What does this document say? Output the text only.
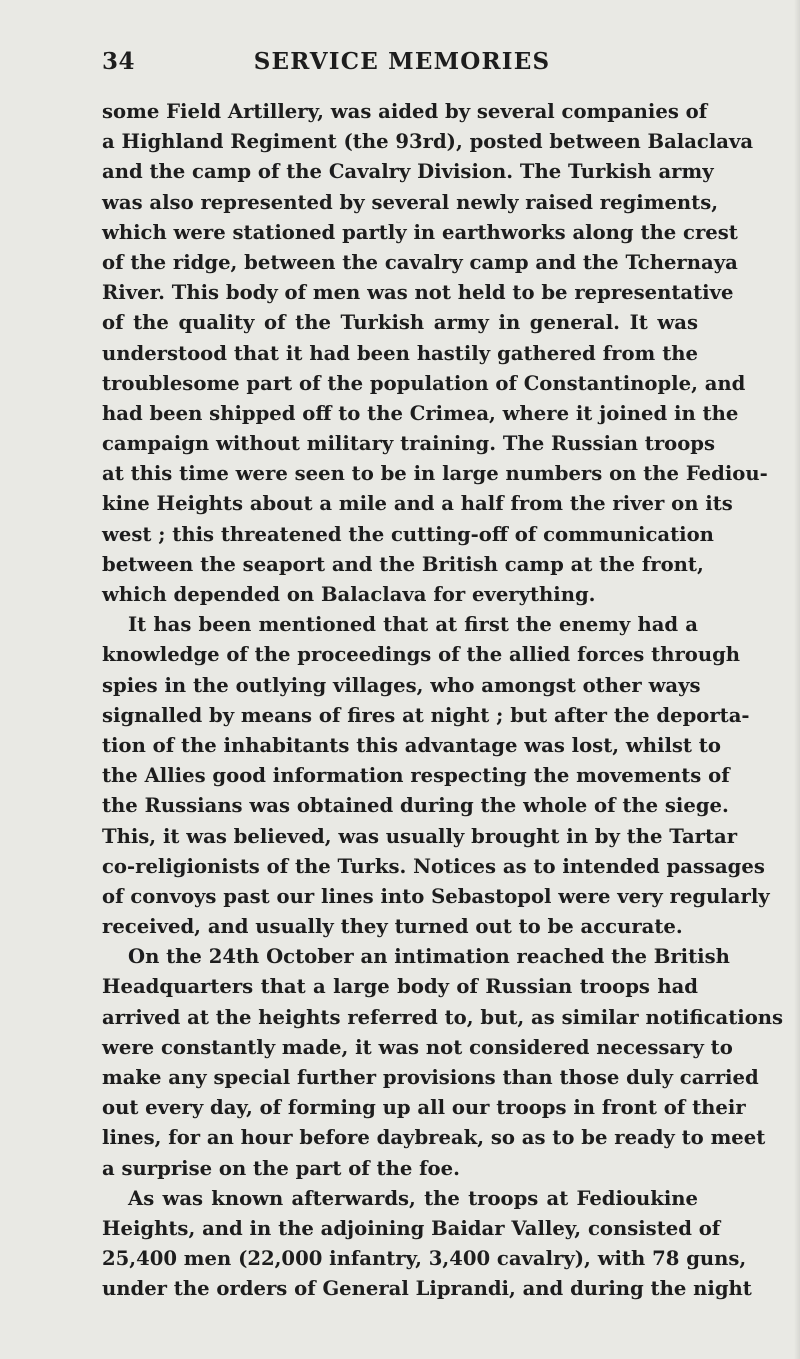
34	SERVICE MEMORIES
some Field Artillery, was aided by several companies of
a Highland Regiment (the 93rd), posted between Balaclava
and the camp of the Cavalry Division. The Turkish army
was also represented by several newly raised regiments,
which were stationed partly in earthworks along the crest
of the ridge, between the cavalry camp and the Tchernaya
River. This body of men was not held to be representative
of the quality of the Turkish army in general. It was
understood that it had been hastily gathered from the
troublesome part of the population of Constantinople, and
had been shipped off to the Crimea, where it joined in the
campaign without military training. The Russian troops
at this time were seen to be in large numbers on the Fediou-
kine Heights about a mile and a half from the river on its
west ; this threatened the cutting-off of communication
between the seaport and the British camp at the front,
which depended on Balaclava for everything.
It has been mentioned that at first the enemy had a
knowledge of the proceedings of the allied forces through
spies in the outlying villages, who amongst other ways
signalled by means of fires at night ; but after the deporta-
tion of the inhabitants this advantage was lost, whilst to
the Allies good information respecting the movements of
the Russians was obtained during the whole of the siege.
This, it was believed, was usually brought in by the Tartar
co-religionists of the Turks. Notices as to intended passages
of convoys past our lines into Sebastopol were very regularly
received, and usually they turned out to be accurate.
On the 24th October an intimation reached the British
Headquarters that a large body of Russian troops had
arrived at the heights referred to, but, as similar notifications
were constantly made, it was not considered necessary to
make any special further provisions than those duly carried
out every day, of forming up all our troops in front of their
lines, for an hour before daybreak, so as to be ready to meet
a surprise on the part of the foe.
As was known afterwards, the troops at Fedioukine
Heights, and in the adjoining Baidar Valley, consisted of
25,400 men (22,000 infantry, 3,400 cavalry), with 78 guns,
under the orders of General Liprandi, and during the night
